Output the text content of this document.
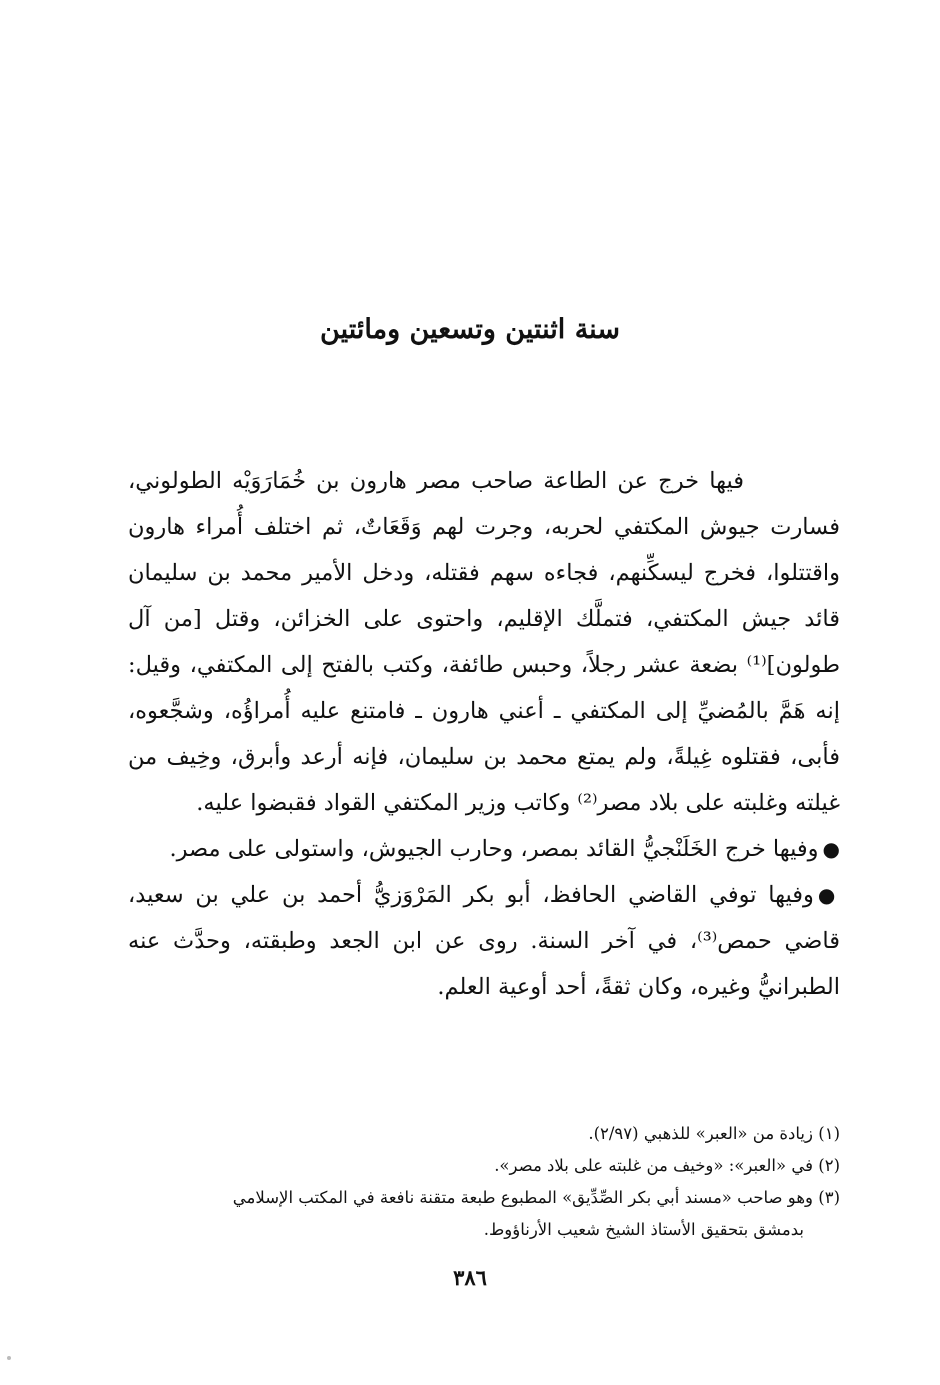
سنة اثنتين وتسعين ومائتين

فيها خرج عن الطاعة صاحب مصر هارون بن خُمَارَوَيْه الطولوني، فسارت جيوش المكتفي لحربه، وجرت لهم وَقَعَاتٌ، ثم اختلف أُمراء هارون واقتتلوا، فخرج ليسكِّنهم، فجاءه سهم فقتله، ودخل الأمير محمد بن سليمان قائد جيش المكتفي، فتملَّك الإقليم، واحتوى على الخزائن، وقتل [من آل طولون]⁽¹⁾ بضعة عشر رجلاً، وحبس طائفة، وكتب بالفتح إلى المكتفي، وقيل: إنه هَمَّ بالمُضيِّ إلى المكتفي ـ أعني هارون ـ فامتنع عليه أُمراؤُه، وشجَّعوه، فأبى، فقتلوه غِيلةً، ولم يمتع محمد بن سليمان، فإنه أرعد وأبرق، وخِيف من غيلته وغلبته على بلاد مصر⁽²⁾ وكاتب وزير المكتفي القواد فقبضوا عليه.

●وفيها خرج الخَلَنْجيُّ القائد بمصر، وحارب الجيوش، واستولى على مصر.

●وفيها توفي القاضي الحافظ، أبو بكر المَرْوَزيُّ أحمد بن علي بن سعيد، قاضي حمص⁽³⁾، في آخر السنة. روى عن ابن الجعد وطبقته، وحدَّث عنه الطبرانيُّ وغيره، وكان ثقةً، أحد أوعية العلم.

(١) زيادة من «العبر» للذهبي (٢/٩٧).

(٢) في «العبر»: «وخيف من غلبته على بلاد مصر».

(٣) وهو صاحب «مسند أبي بكر الصِّدِّيق» المطبوع طبعة متقنة نافعة في المكتب الإسلامي

بدمشق بتحقيق الأستاذ الشيخ شعيب الأرناؤوط.

٣٨٦
